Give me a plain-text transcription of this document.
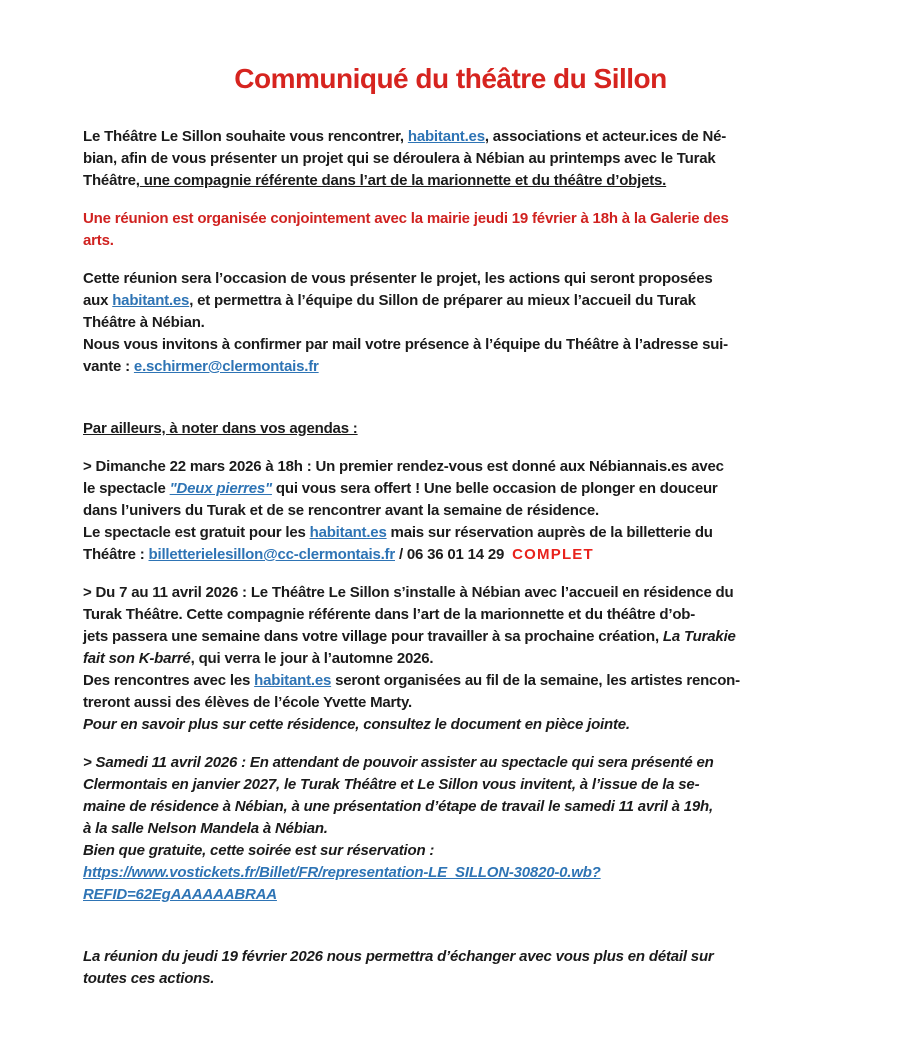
Communiqué du théâtre du Sillon
Le Théâtre Le Sillon souhaite vous rencontrer, habitant.es, associations et acteur.ices de Né-
bian, afin de vous présenter un projet qui se déroulera à Nébian au printemps avec le Turak
Théâtre, une compagnie référente dans l’art de la marionnette et du théâtre d’objets.
Une réunion est organisée conjointement avec la mairie jeudi 19 février à 18h à la Galerie des
arts.
Cette réunion sera l’occasion de vous présenter le projet, les actions qui seront proposées
aux habitant.es, et permettra à l’équipe du Sillon de préparer au mieux l’accueil du Turak
Théâtre à Nébian.
Nous vous invitons à confirmer par mail votre présence à l’équipe du Théâtre à l’adresse sui-
vante : e.schirmer@clermontais.fr
Par ailleurs, à noter dans vos agendas :
> Dimanche 22 mars 2026 à 18h : Un premier rendez-vous est donné aux Nébiannais.es avec
le spectacle "Deux pierres" qui vous sera offert ! Une belle occasion de plonger en douceur
dans l’univers du Turak et de se rencontrer avant la semaine de résidence.
Le spectacle est gratuit pour les habitant.es mais sur réservation auprès de la billetterie du
Théâtre : billetterielesillon@cc-clermontais.fr / 06 36 01 14 29  COMPLET
> Du 7 au 11 avril 2026 : Le Théâtre Le Sillon s’installe à Nébian avec l’accueil en résidence du
Turak Théâtre. Cette compagnie référente dans l’art de la marionnette et du théâtre d’ob-
jets passera une semaine dans votre village pour travailler à sa prochaine création, La Turakie
fait son K-barré, qui verra le jour à l’automne 2026.
Des rencontres avec les habitant.es seront organisées au fil de la semaine, les artistes rencon-
treront aussi des élèves de l’école Yvette Marty.
Pour en savoir plus sur cette résidence, consultez le document en pièce jointe.
> Samedi 11 avril 2026 : En attendant de pouvoir assister au spectacle qui sera présenté en
Clermontais en janvier 2027, le Turak Théâtre et Le Sillon vous invitent, à l’issue de la se-
maine de résidence à Nébian, à une présentation d’étape de travail le samedi 11 avril à 19h,
à la salle Nelson Mandela à Nébian.
Bien que gratuite, cette soirée est sur réservation :
https://www.vostickets.fr/Billet/FR/representation-LE_SILLON-30820-0.wb?
REFID=62EgAAAAAABRAA
La réunion du jeudi 19 février 2026 nous permettra d’échanger avec vous plus en détail sur
toutes ces actions.
